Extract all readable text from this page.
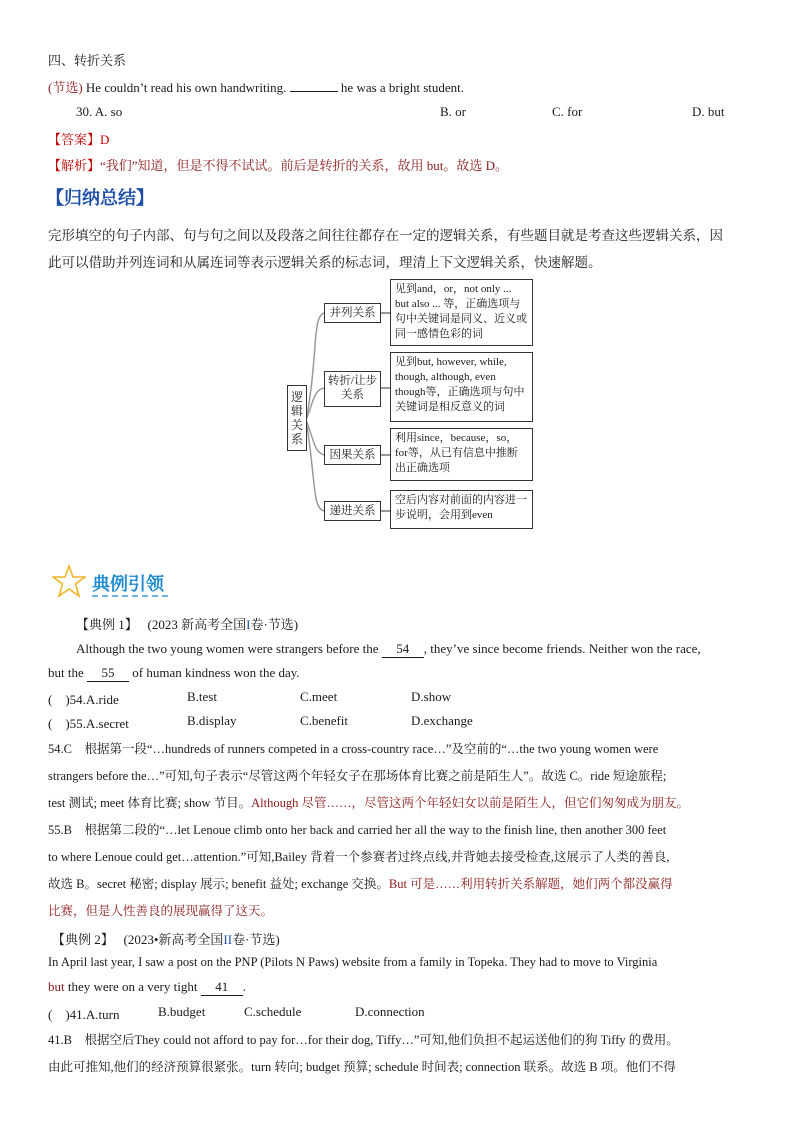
四、转折关系
(节选) He couldn’t read his own handwriting.	he was a bright student.
30. A. so	B. or	C. for	D. but
【答案】D
【解析】“我们”知道，但是不得不试试。前后是转折的关系，故用 but。故选 D。
【归纳总结】
完形填空的句子内部、句与句之间以及段落之间往往都存在一定的逻辑关系，有些题目就是考查这些逻辑关系，因
此可以借助并列连词和从属连词等表示逻辑关系的标志词，理清上下文逻辑关系，快速解题。
逻辑关系
并列关系
转折/让步关系
因果关系
递进关系
见到and，or，not only ... but also ... 等，正确选项与句中关键词是同义、近义或同一感情色彩的词
见到but, however, while, though, although, even though等，正确选项与句中关键词是相反意义的词
利用since，because，so，for等，从已有信息中推断出正确选项
空后内容对前面的内容进一步说明，会用到even
典例引领
【典例 1】 (2023 新高考全国I卷·节选)
Although the two young women were strangers before the 54 , they’ve since become friends. Neither won the race,
but the 55 of human kindness won the day.
(　)54.A.ride	B.test	C.meet	D.show
(　)55.A.secret	B.display	C.benefit	D.exchange
54.C　根据第一段“…hundreds of runners competed in a cross-country race…”及空前的“…the two young women were
strangers before the…”可知,句子表示“尽管这两个年轻女子在那场体育比赛之前是陌生人”。故选 C。ride 短途旅程;
test 测试; meet 体育比赛; show 节目。Although 尽管……，尽管这两个年轻妇女以前是陌生人，但它们匆匆成为朋友。
55.B　根据第二段的“…let Lenoue climb onto her back and carried her all the way to the finish line, then another 300 feet
to where Lenoue could get…attention.”可知,Bailey 背着一个参赛者过终点线,并背她去接受检查,这展示了人类的善良,
故选 B。secret 秘密; display 展示; benefit 益处; exchange 交换。But 可是……利用转折关系解题，她们两个都没赢得
比赛，但是人性善良的展现赢得了这天。
【典例 2】 (2023•新高考全国II卷·节选)
In April last year, I saw a post on the PNP (Pilots N Paws) website from a family in Topeka. They had to move to Virginia
but they were on a very tight 41 .
(　)41.A.turn	B.budget	C.schedule	D.connection
41.B　根据空后They could not afford to pay for…for their dog, Tiffy…”可知,他们负担不起运送他们的狗 Tiffy 的费用。
由此可推知,他们的经济预算很紧张。turn 转向; budget 预算; schedule 时间表; connection 联系。故选 B 项。他们不得
